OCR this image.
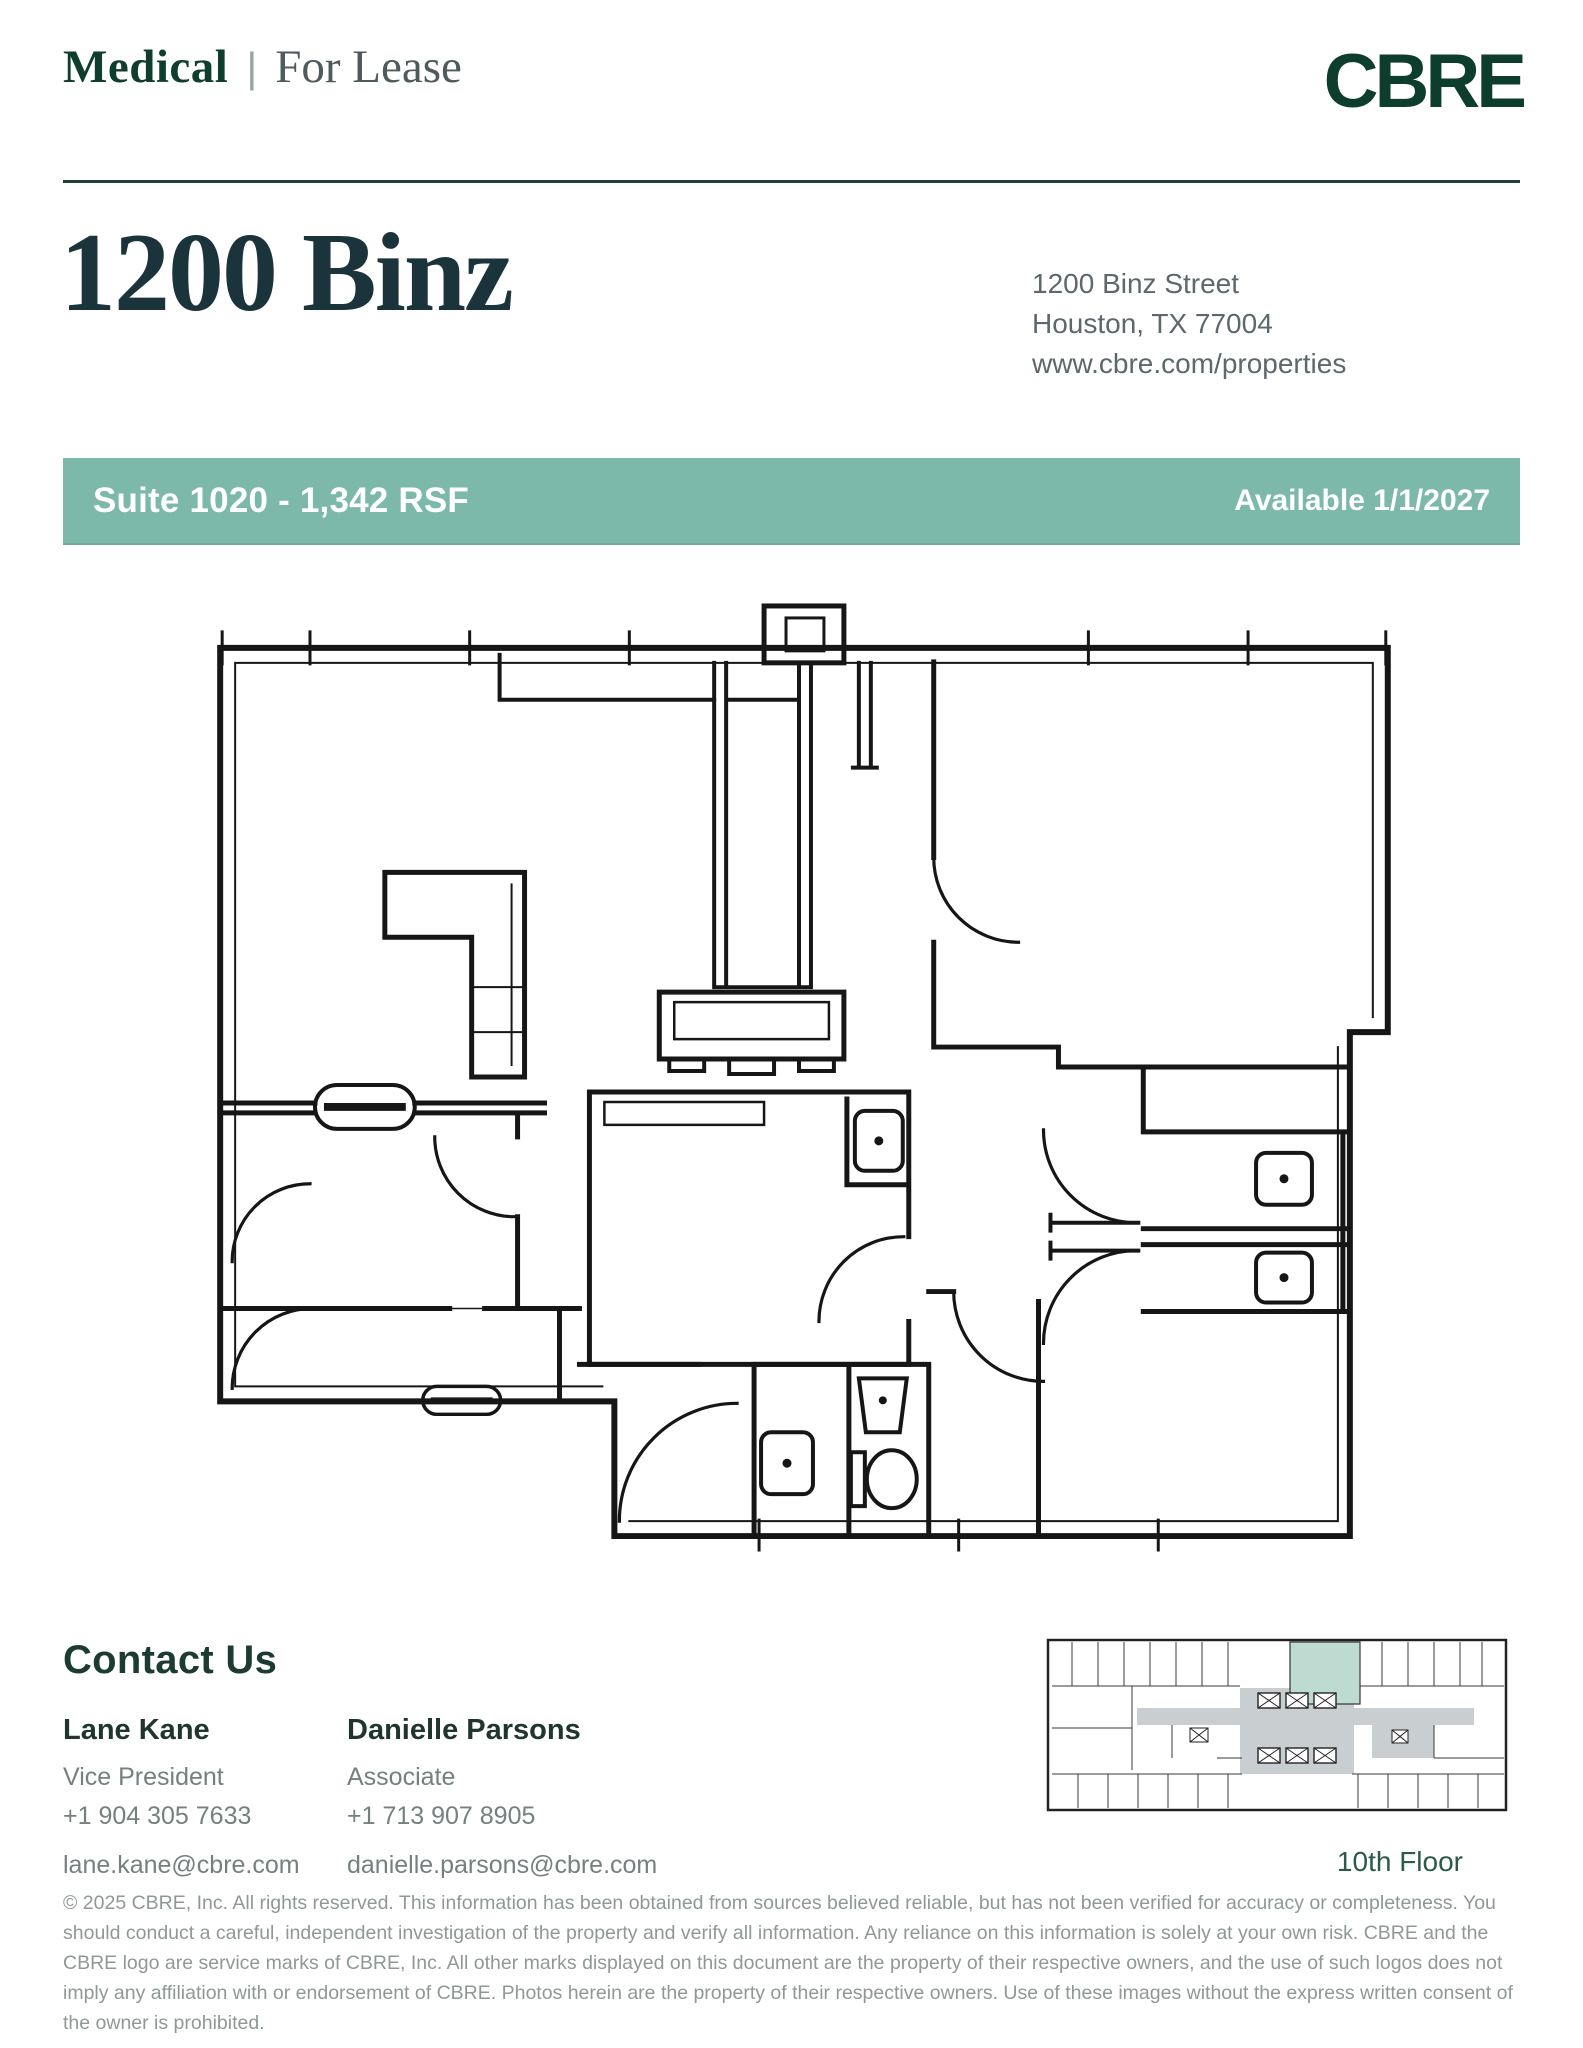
Medical | For Lease	CBRE
1200 Binz	1200 Binz Street
Houston, TX 77004
www.cbre.com/properties
Suite 1020 - 1,342 RSF	Available 1/1/2027
Contact Us
Lane Kane
Vice President
+1 904 305 7633
lane.kane@cbre.com
Danielle Parsons
Associate
+1 713 907 8905
danielle.parsons@cbre.com	10th Floor
© 2025 CBRE, Inc. All rights reserved. This information has been obtained from sources believed reliable, but has not been verified for accuracy or completeness. You should conduct a careful, independent investigation of the property and verify all information. Any reliance on this information is solely at your own risk. CBRE and the CBRE logo are service marks of CBRE, Inc. All other marks displayed on this document are the property of their respective owners, and the use of such logos does not imply any affiliation with or endorsement of CBRE. Photos herein are the property of their respective owners. Use of these images without the express written consent of the owner is prohibited.
